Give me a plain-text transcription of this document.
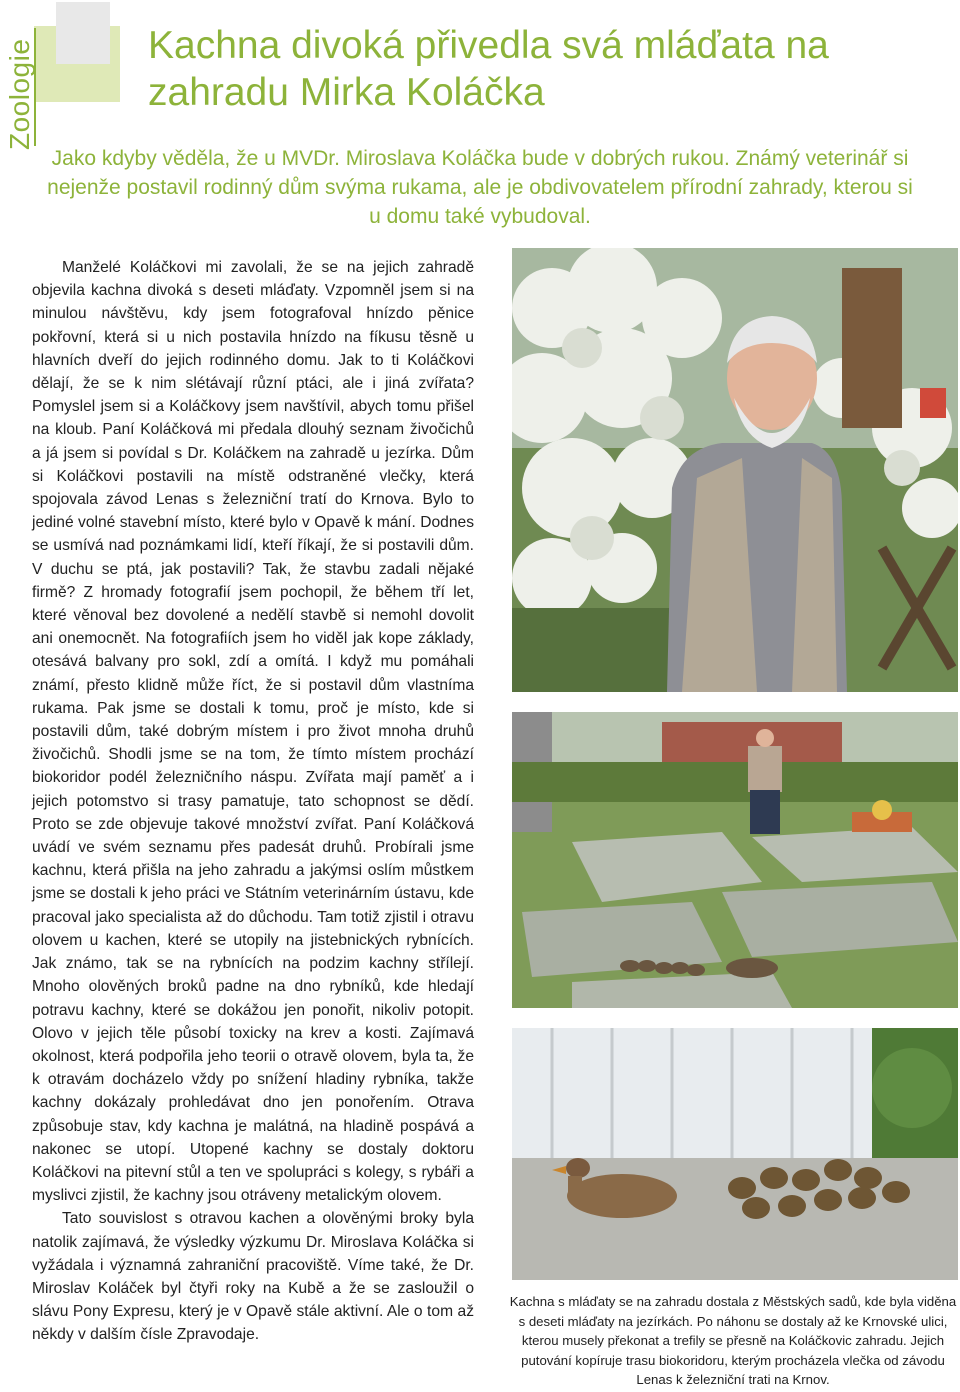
Zoologie	Kachna divoká přivedla svá mláďata na zahradu Mirka Koláčka

Jako kdyby věděla, že u MVDr. Miroslava Koláčka bude v dobrých rukou. Známý veterinář si nejenže postavil rodinný dům svýma rukama, ale je obdivovatelem přírodní zahrady, kterou si u domu také vybudoval.

Manželé Koláčkovi mi zavolali, že se na jejich zahradě objevila kachna divoká s deseti mláďaty. Vzpomněl jsem si na minulou návštěvu, kdy jsem fotografoval hnízdo pěnice pokřovní, která si u nich postavila hnízdo na fíkusu těsně u hlavních dveří do jejich rodinného domu. Jak to ti Koláčkovi dělají, že se k nim slétávají různí ptáci, ale i jiná zvířata? Pomyslel jsem si a Koláčkovy jsem navštívil, abych tomu přišel na kloub. Paní Koláčková mi předala dlouhý seznam živočichů a já jsem si povídal s Dr. Koláčkem na zahradě u jezírka. Dům si Koláčkovi postavili na místě odstraněné vlečky, která spojovala závod Lenas s železniční tratí do Krnova. Bylo to jediné volné stavební místo, které bylo v Opavě k mání. Dodnes se usmívá nad poznámkami lidí, kteří říkají, že si postavili dům. V duchu se ptá, jak postavili? Tak, že stavbu zadali nějaké firmě? Z hromady fotografií jsem pochopil, že během tří let, které věnoval bez dovolené a nedělí stavbě si nemohl dovolit ani onemocnět. Na fotografiích jsem ho viděl jak kope základy, otesává balvany pro sokl, zdí a omítá. I když mu pomáhali známí, přesto klidně může říct, že si postavil dům vlastníma rukama. Pak jsme se dostali k tomu, proč je místo, kde si postavili dům, také dobrým místem i pro život mnoha druhů živočichů. Shodli jsme se na tom, že tímto místem prochází biokoridor podél železničního náspu. Zvířata mají paměť a i jejich potomstvo si trasy pamatuje, tato schopnost se dědí. Proto se zde objevuje takové množství zvířat. Paní Koláčková uvádí ve svém seznamu přes padesát druhů. Probírali jsme kachnu, která přišla na jeho zahradu a jakýmsi oslím můstkem jsme se dostali k jeho práci ve Státním veterinárním ústavu, kde pracoval jako specialista až do důchodu. Tam totiž zjistil i otravu olovem u kachen, které se utopily na jistebnických rybnících. Jak známo, tak se na rybnících na podzim kachny střílejí. Mnoho olověných broků padne na dno rybníků, kde hledají potravu kachny, které se dokážou jen ponořit, nikoliv potopit. Olovo v jejich těle působí toxicky na krev a kosti. Zajímavá okolnost, která podpořila jeho teorii o otravě olovem, byla ta, že k otravám docházelo vždy po snížení hladiny rybníka, takže kachny dokázaly prohledávat dno jen ponořením. Otrava způsobuje stav, kdy kachna je malátná, na hladině pospává a nakonec se utopí. Utopené kachny se dostaly doktoru Koláčkovi na pitevní stůl a ten ve spolupráci s kolegy, s rybáři a myslivci zjistil, že kachny jsou otráveny metalickým olovem.

Tato souvislost s otravou kachen a olověnými broky byla natolik zajímavá, že výsledky výzkumu Dr. Miroslava Koláčka si vyžádala i významná zahraniční pracoviště. Víme také, že Dr. Miroslav Koláček byl čtyři roky na Kubě a že se zasloužil o slávu Pony Expresu, který je v Opavě stále aktivní. Ale o tom až někdy v dalším čísle Zpravodaje.

Kachna s mláďaty se na zahradu dostala z Městských sadů, kde byla viděna s deseti mláďaty na jezírkách. Po náhonu se dostaly až ke Krnovské ulici, kterou musely překonat a trefily se přesně na Koláčkovic zahradu. Jejich putování kopíruje trasu biokoridoru, kterým procházela vlečka od závodu Lenas k železniční trati na Krnov.
